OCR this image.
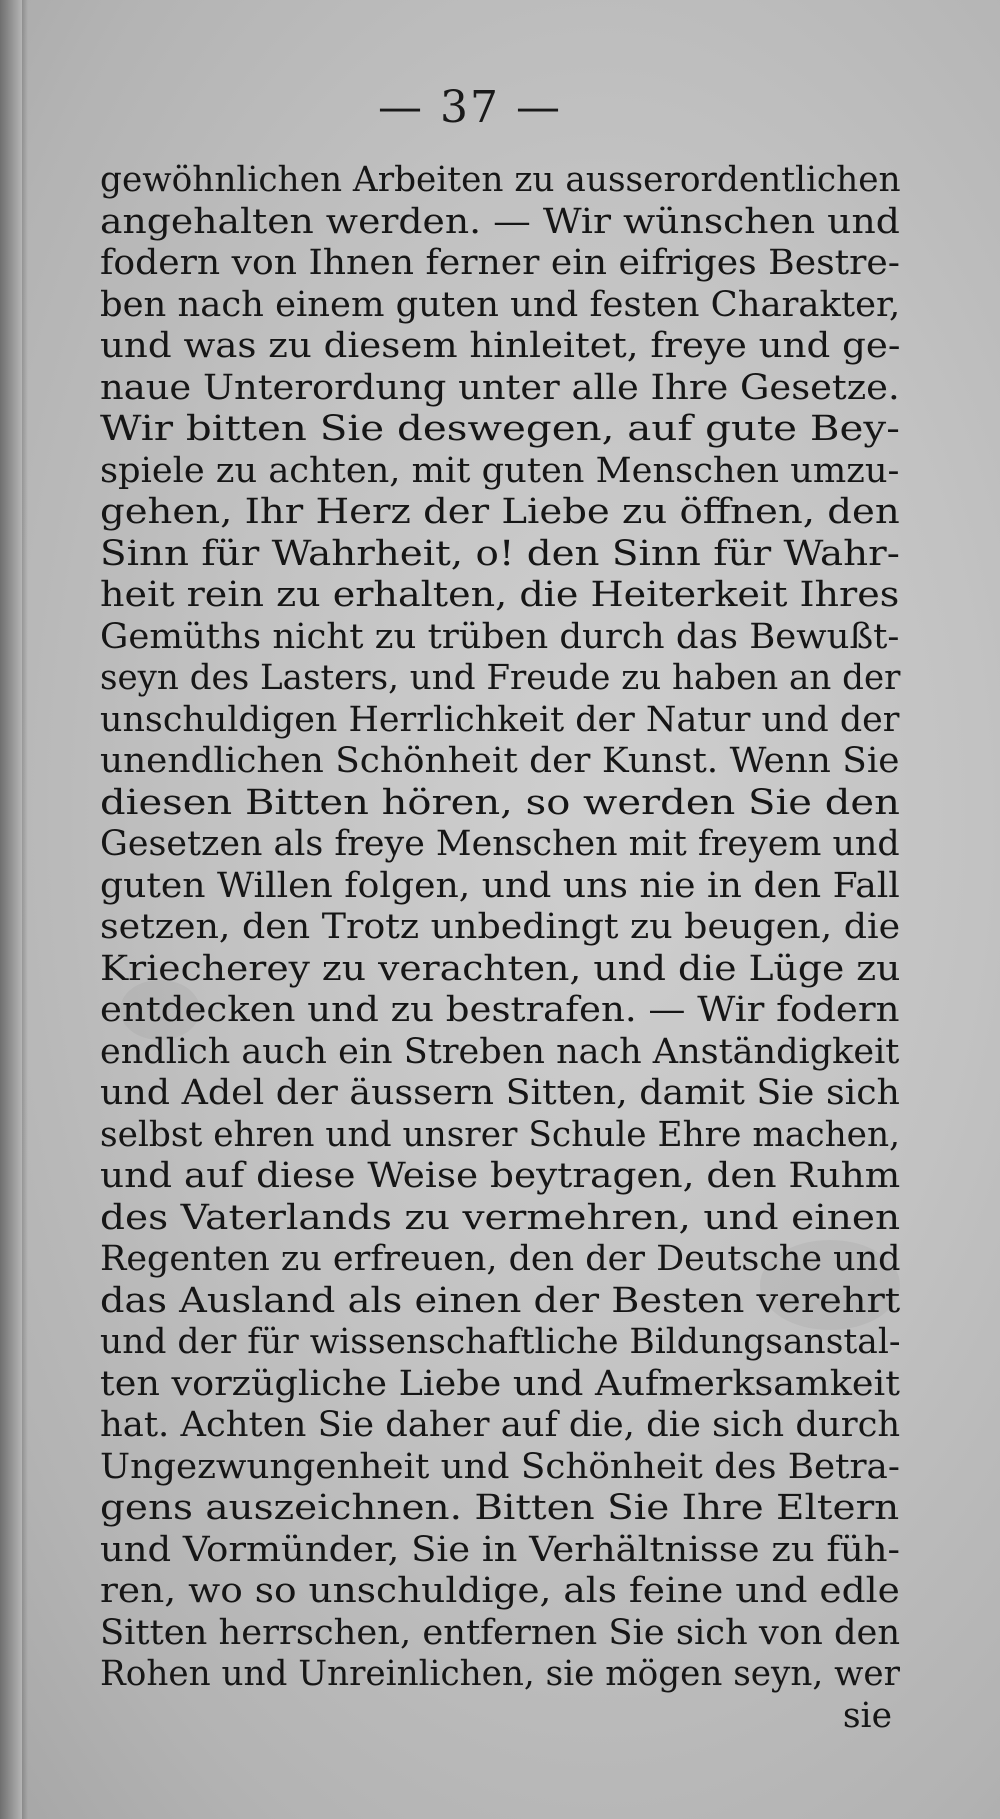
— 37 —
gewöhnlichen Arbeiten zu ausserordentlichen
angehalten werden. — Wir wünschen und
fodern von Ihnen ferner ein eifriges Bestre-
ben nach einem guten und festen Charakter,
und was zu diesem hinleitet, freye und ge-
naue Unterordung unter alle Ihre Gesetze.
Wir bitten Sie deswegen, auf gute Bey-
spiele zu achten, mit guten Menschen umzu-
gehen, Ihr Herz der Liebe zu öffnen, den
Sinn für Wahrheit, o! den Sinn für Wahr-
heit rein zu erhalten, die Heiterkeit Ihres
Gemüths nicht zu trüben durch das Bewußt-
seyn des Lasters, und Freude zu haben an der
unschuldigen Herrlichkeit der Natur und der
unendlichen Schönheit der Kunst. Wenn Sie
diesen Bitten hören, so werden Sie den
Gesetzen als freye Menschen mit freyem und
guten Willen folgen, und uns nie in den Fall
setzen, den Trotz unbedingt zu beugen, die
Kriecherey zu verachten, und die Lüge zu
entdecken und zu bestrafen. — Wir fodern
endlich auch ein Streben nach Anständigkeit
und Adel der äussern Sitten, damit Sie sich
selbst ehren und unsrer Schule Ehre machen,
und auf diese Weise beytragen, den Ruhm
des Vaterlands zu vermehren, und einen
Regenten zu erfreuen, den der Deutsche und
das Ausland als einen der Besten verehrt
und der für wissenschaftliche Bildungsanstal-
ten vorzügliche Liebe und Aufmerksamkeit
hat. Achten Sie daher auf die, die sich durch
Ungezwungenheit und Schönheit des Betra-
gens auszeichnen. Bitten Sie Ihre Eltern
und Vormünder, Sie in Verhältnisse zu füh-
ren, wo so unschuldige, als feine und edle
Sitten herrschen, entfernen Sie sich von den
Rohen und Unreinlichen, sie mögen seyn, wer
sie
